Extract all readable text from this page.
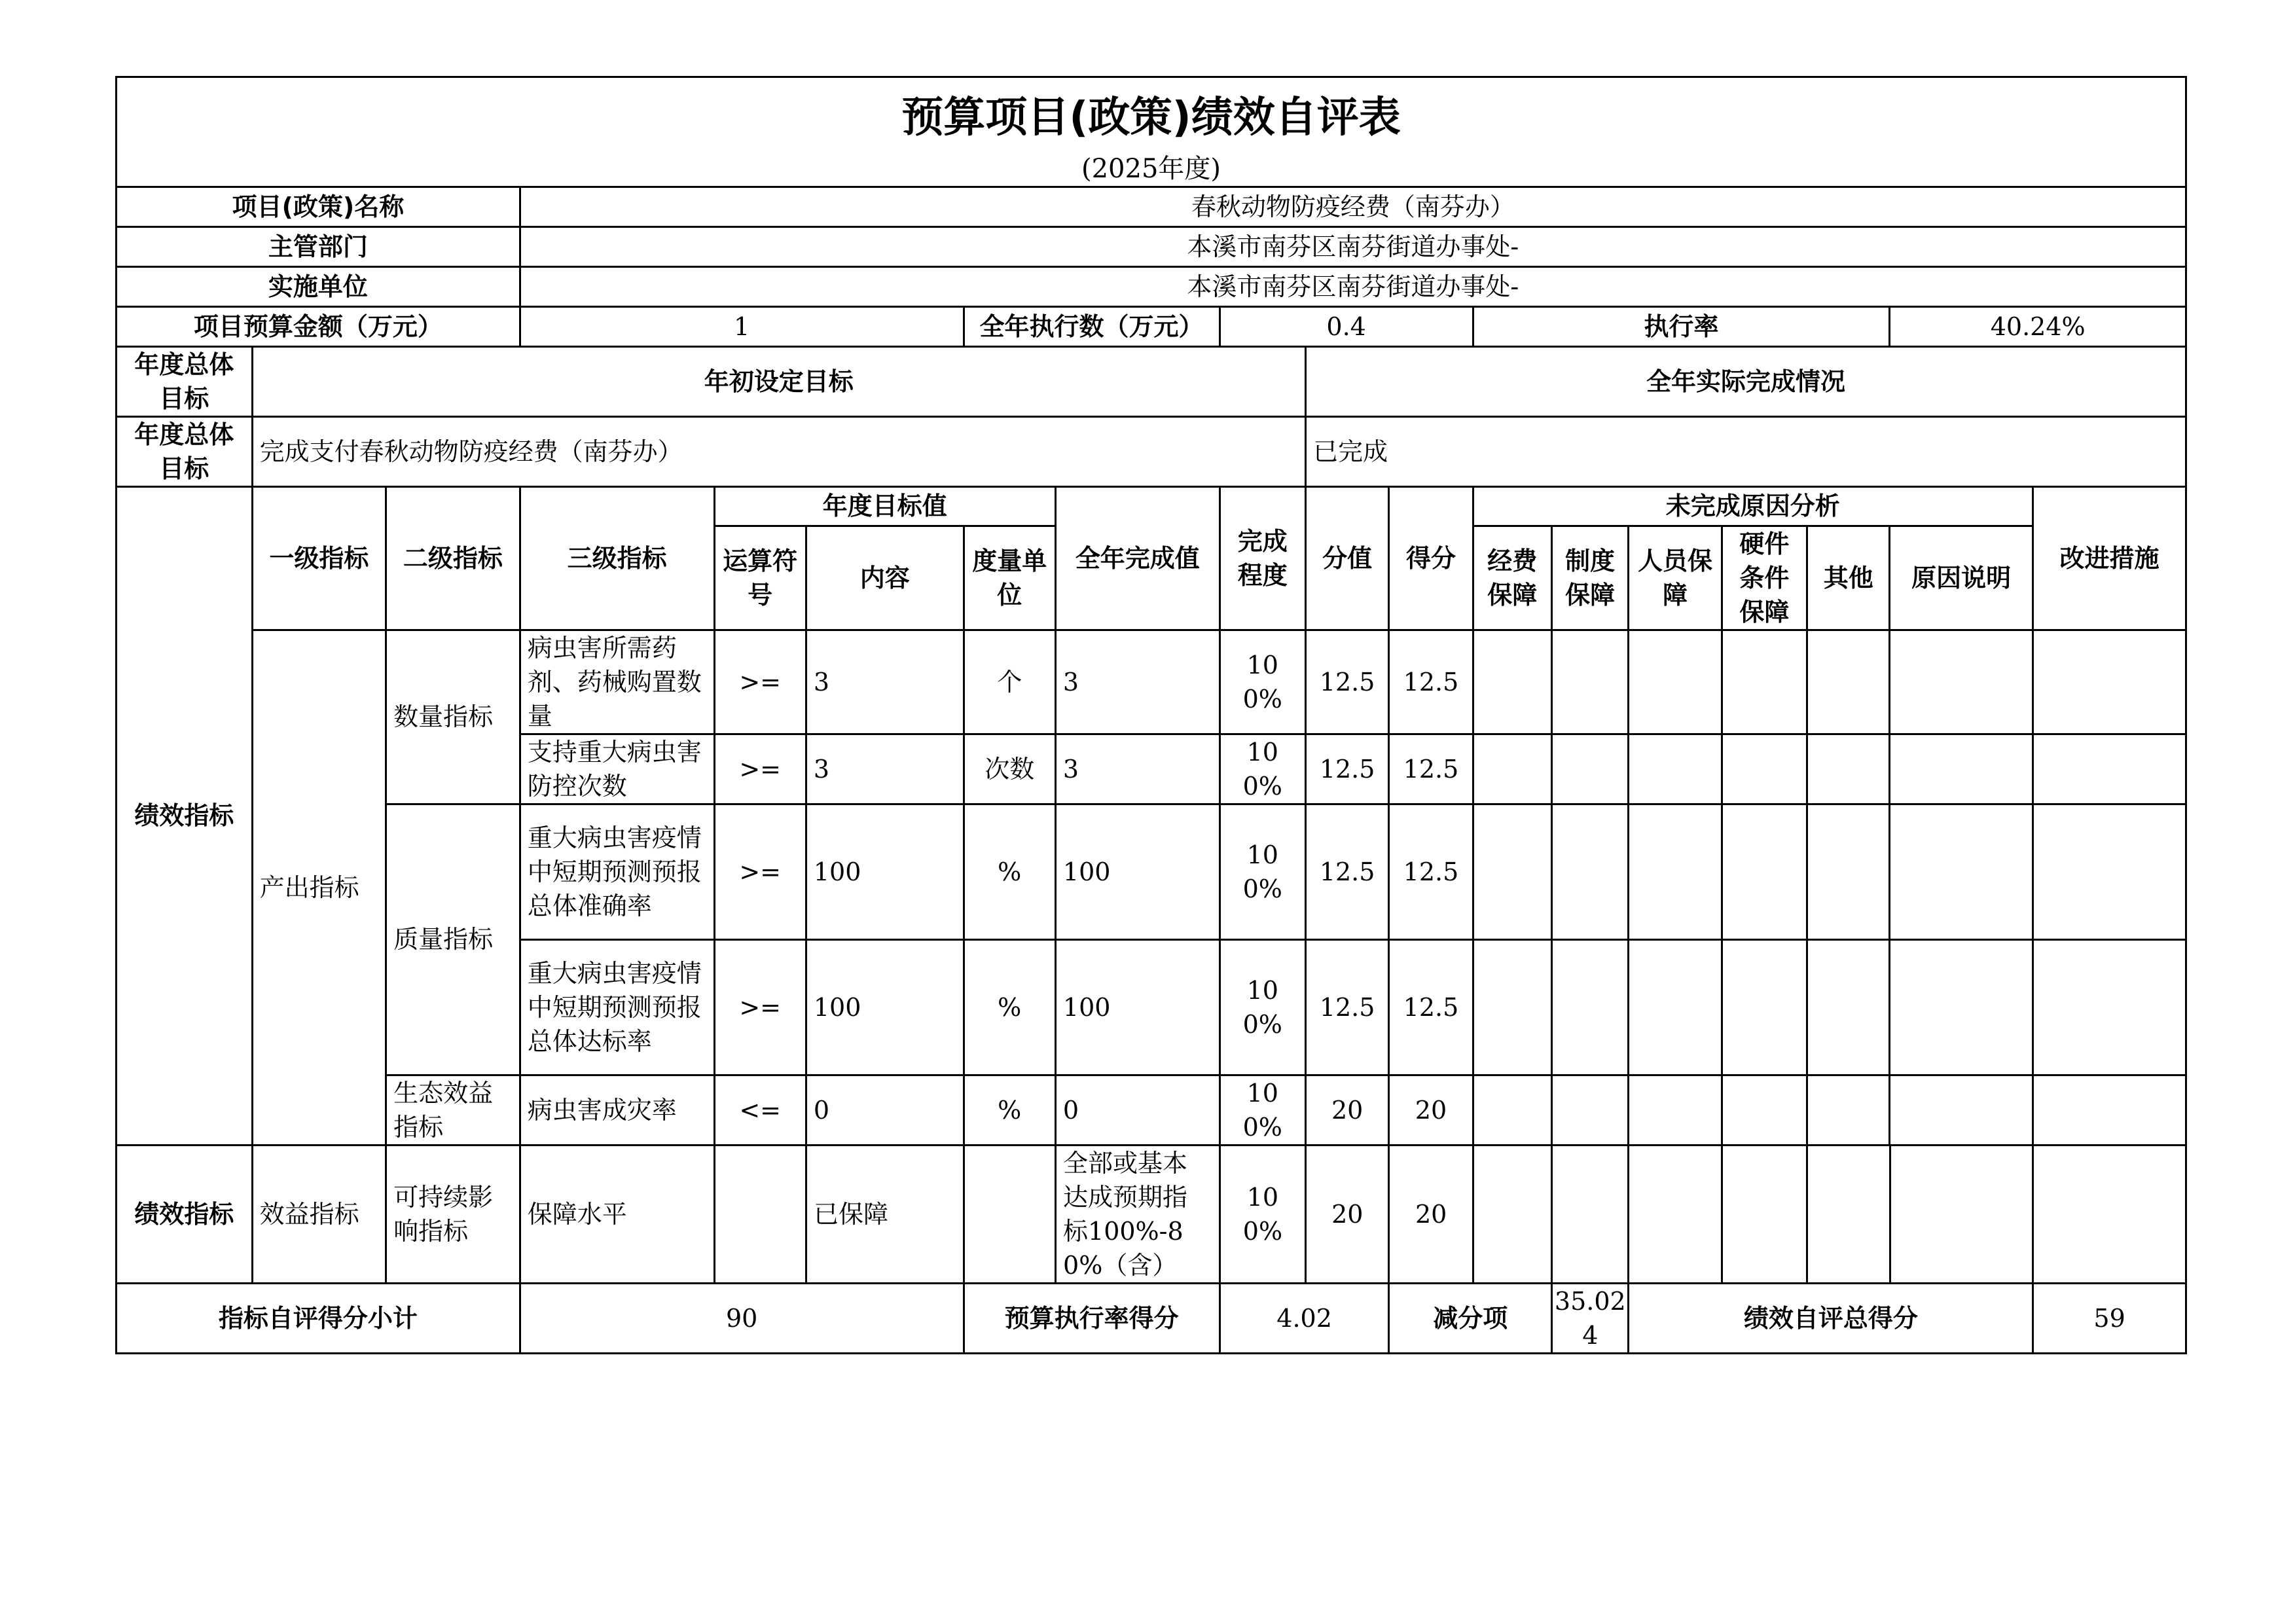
预算项目(政策)绩效自评表																	
(2025年度)																	
项目(政策)名称			春秋动物防疫经费（南芬办）														
主管部门			本溪市南芬区南芬街道办事处-														
实施单位			本溪市南芬区南芬街道办事处-														
项目预算金额（万元）			1			全年执行数（万元）		0.4			执行率					40.24%	
年度总体目标	年初设定目标								全年实际完成情况								
年度总体目标	完成支付春秋动物防疫经费（南芬办）								已完成								
绩效指标	一级指标	二级指标	三级指标	年度目标值			全年完成值	完成程度	分值	得分	未完成原因分析						改进措施
				运算符号	内容	度量单位					经费保障	制度保障	人员保障	硬件条件保障	其他	原因说明	
	产出指标	数量指标	病虫害所需药剂、药械购置数量	>=	3	个	3	100%	12.5	12.5							
			支持重大病虫害防控次数	>=	3	次数	3	100%	12.5	12.5							
		质量指标	重大病虫害疫情中短期预测预报总体准确率	>=	100	%	100	100%	12.5	12.5							
			重大病虫害疫情中短期预测预报总体达标率	>=	100	%	100	100%	12.5	12.5							
		生态效益指标	病虫害成灾率	<=	0	%	0	100%	20	20							
绩效指标	效益指标	可持续影响指标	保障水平		已保障		全部或基本达成预期指标100%-80%（含）	100%	20	20							
指标自评得分小计			90			预算执行率得分		4.02		减分项		35.024	绩效自评总得分				59
